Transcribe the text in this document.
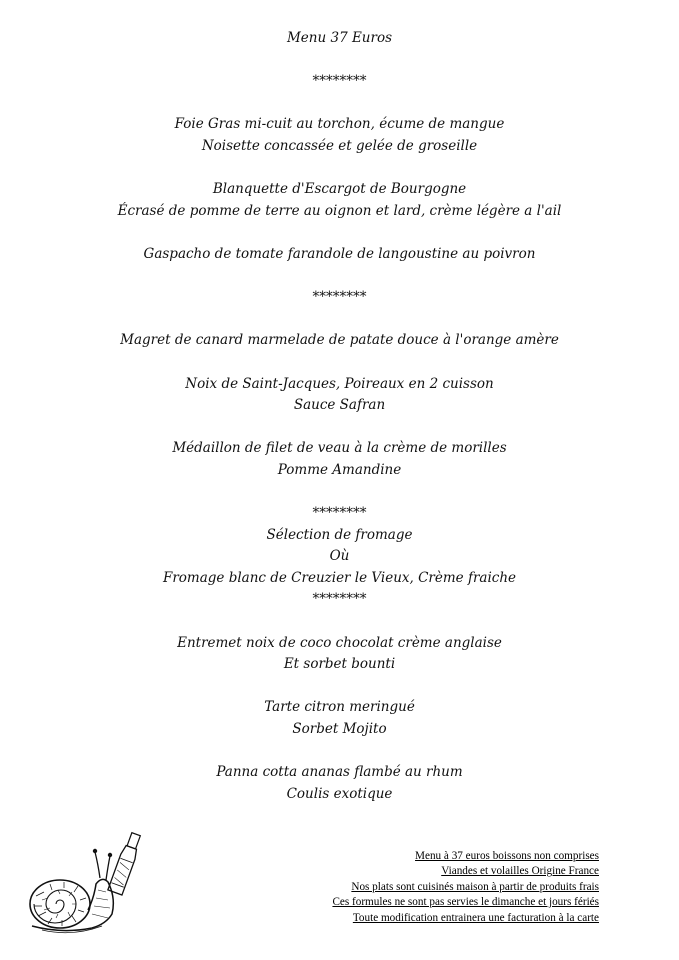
Menu 37 Euros
********
Foie Gras mi-cuit au torchon, écume de mangue
Noisette concassée et gelée de groseille
Blanquette d'Escargot de Bourgogne
Écrasé de pomme de terre au oignon et lard, crème légère a l'ail
Gaspacho de tomate farandole de langoustine au poivron
********
Magret de canard marmelade de patate douce à l'orange amère
Noix de Saint-Jacques, Poireaux en 2 cuisson
Sauce Safran
Médaillon de filet de veau à la crème de morilles
Pomme Amandine
********
Sélection de fromage
Où
Fromage blanc de Creuzier le Vieux, Crème fraiche
********
Entremet noix de coco chocolat crème anglaise
Et sorbet bounti
Tarte citron meringué
Sorbet Mojito
Panna cotta ananas flambé au rhum
Coulis exotique
Menu à 37 euros boissons non comprises
Viandes et volailles Origine France
Nos plats sont cuisinés maison à partir de produits frais
Ces formules ne sont pas servies le dimanche et jours fériés
Toute modification entrainera une facturation à la carte
